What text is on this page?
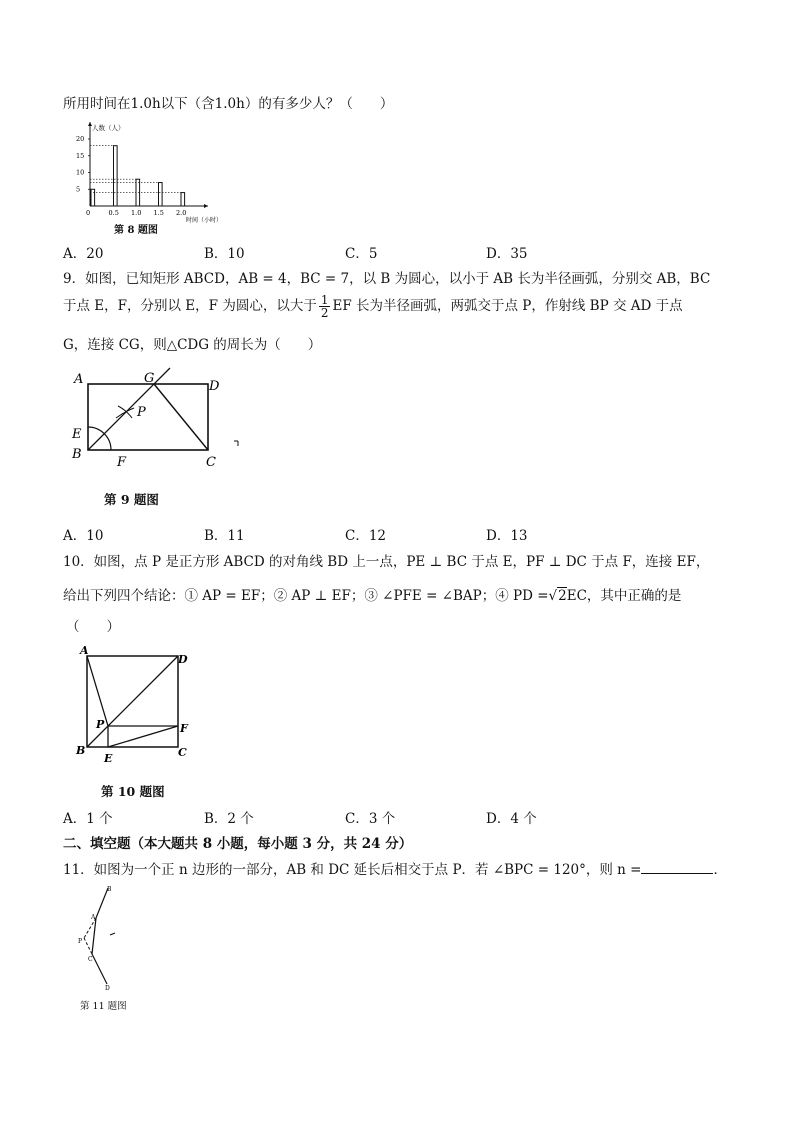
所用时间在1.0h以下（含1.0h）的有多少人？（　　）
人数（人）
时间（小时）
5
10
15
20
0	0.5 1.0 1.5 2.0
第 8 题图
A．20	B．10	C．5	D．35
9．如图，已知矩形 ABCD，AB = 4，BC = 7，以 B 为圆心，以小于 AB 长为半径画弧，分别交 AB，BC
于点 E，F，分别以 E，F 为圆心，以大于 $\frac{1}{2}$ EF 长为半径画弧，两弧交于点 P，作射线 BP 交 AD 于点
G，连接 CG，则△CDG 的周长为（　　）
A	G
D
P
E
B
F	C
第 9 题图
A．10	B．11	C．12	D．13
10．如图，点 P 是正方形 ABCD 的对角线 BD 上一点，PE ⊥ BC 于点 E，PF ⊥ DC 于点 F，连接 EF，
给出下列四个结论：① AP = EF；② AP ⊥ EF；③ ∠PFE = ∠BAP；④ PD =√2EC，其中正确的是
（　　）
A
D
P	F
B
E	C
第 10 题图
A．1 个	B．2 个	C．3 个	D．4 个
二、填空题（本大题共 8 小题，每小题 3 分，共 24 分）
11．如图为一个正 n 边形的一部分，AB 和 DC 延长后相交于点 P．若 ∠BPC = 120°，则 n =	．
B
A
P
C
D
第 11 题图
